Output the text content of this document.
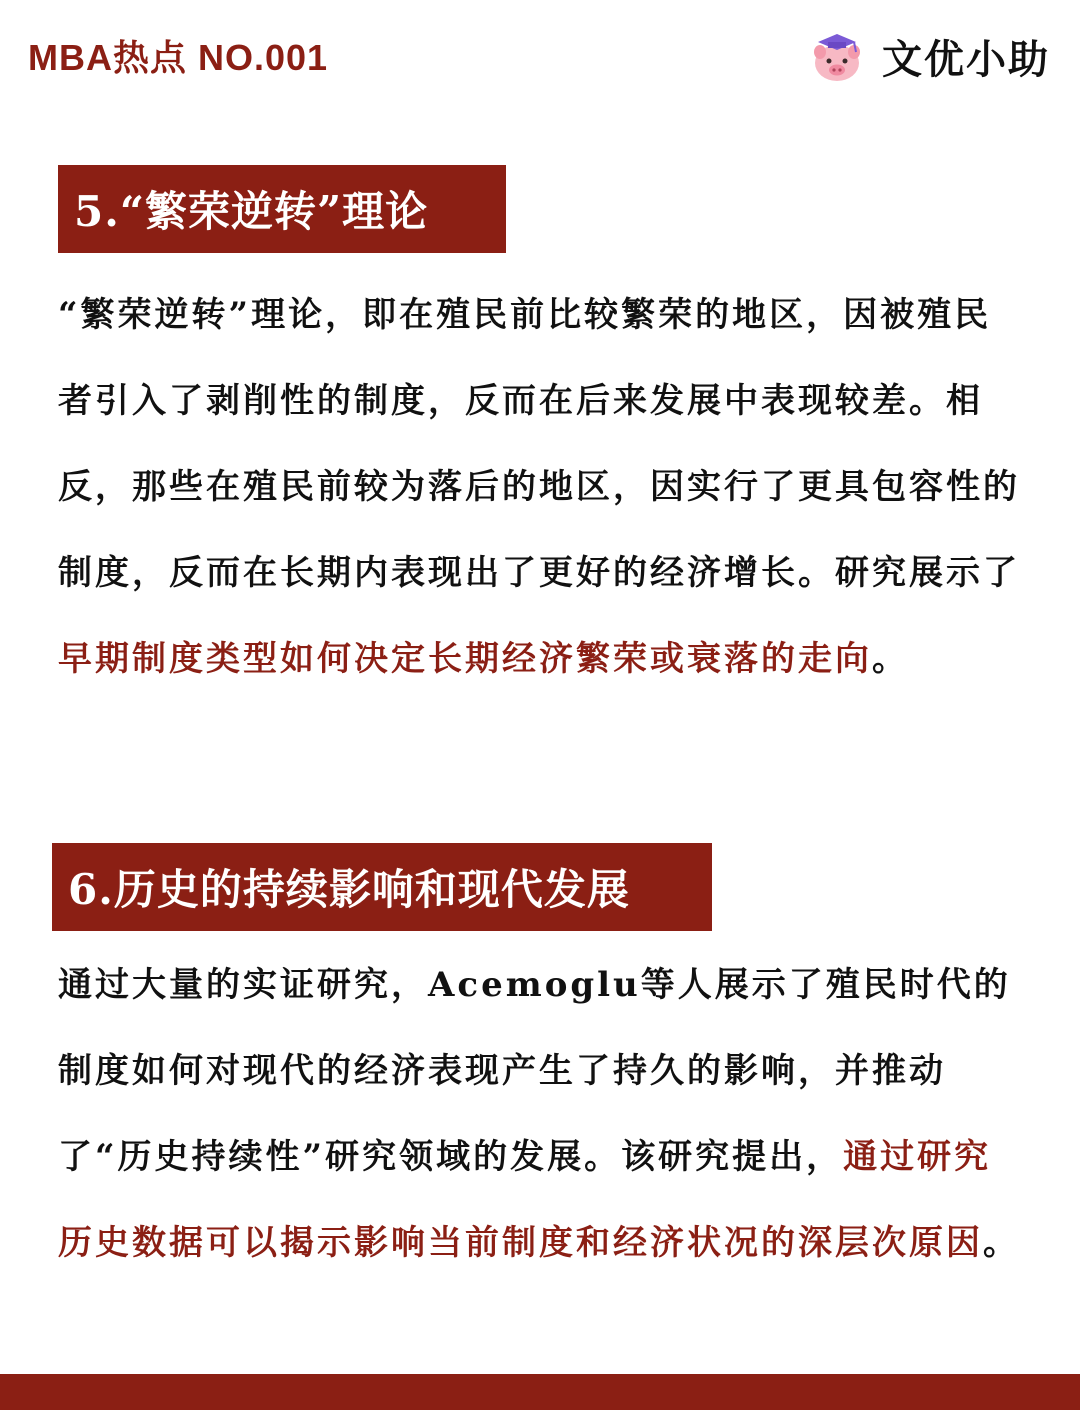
MBA热点 NO.001	文优小助
5.“繁荣逆转”理论

“繁荣逆转”理论，即在殖民前比较繁荣的地区，因被殖民者引入了剥削性的制度，反而在后来发展中表现较差。相反，那些在殖民前较为落后的地区，因实行了更具包容性的制度，反而在长期内表现出了更好的经济增长。研究展示了早期制度类型如何决定长期经济繁荣或衰落的走向。

6.历史的持续影响和现代发展

通过大量的实证研究，Acemoglu等人展示了殖民时代的制度如何对现代的经济表现产生了持久的影响，并推动了“历史持续性”研究领域的发展。该研究提出，通过研究历史数据可以揭示影响当前制度和经济状况的深层次原因。
